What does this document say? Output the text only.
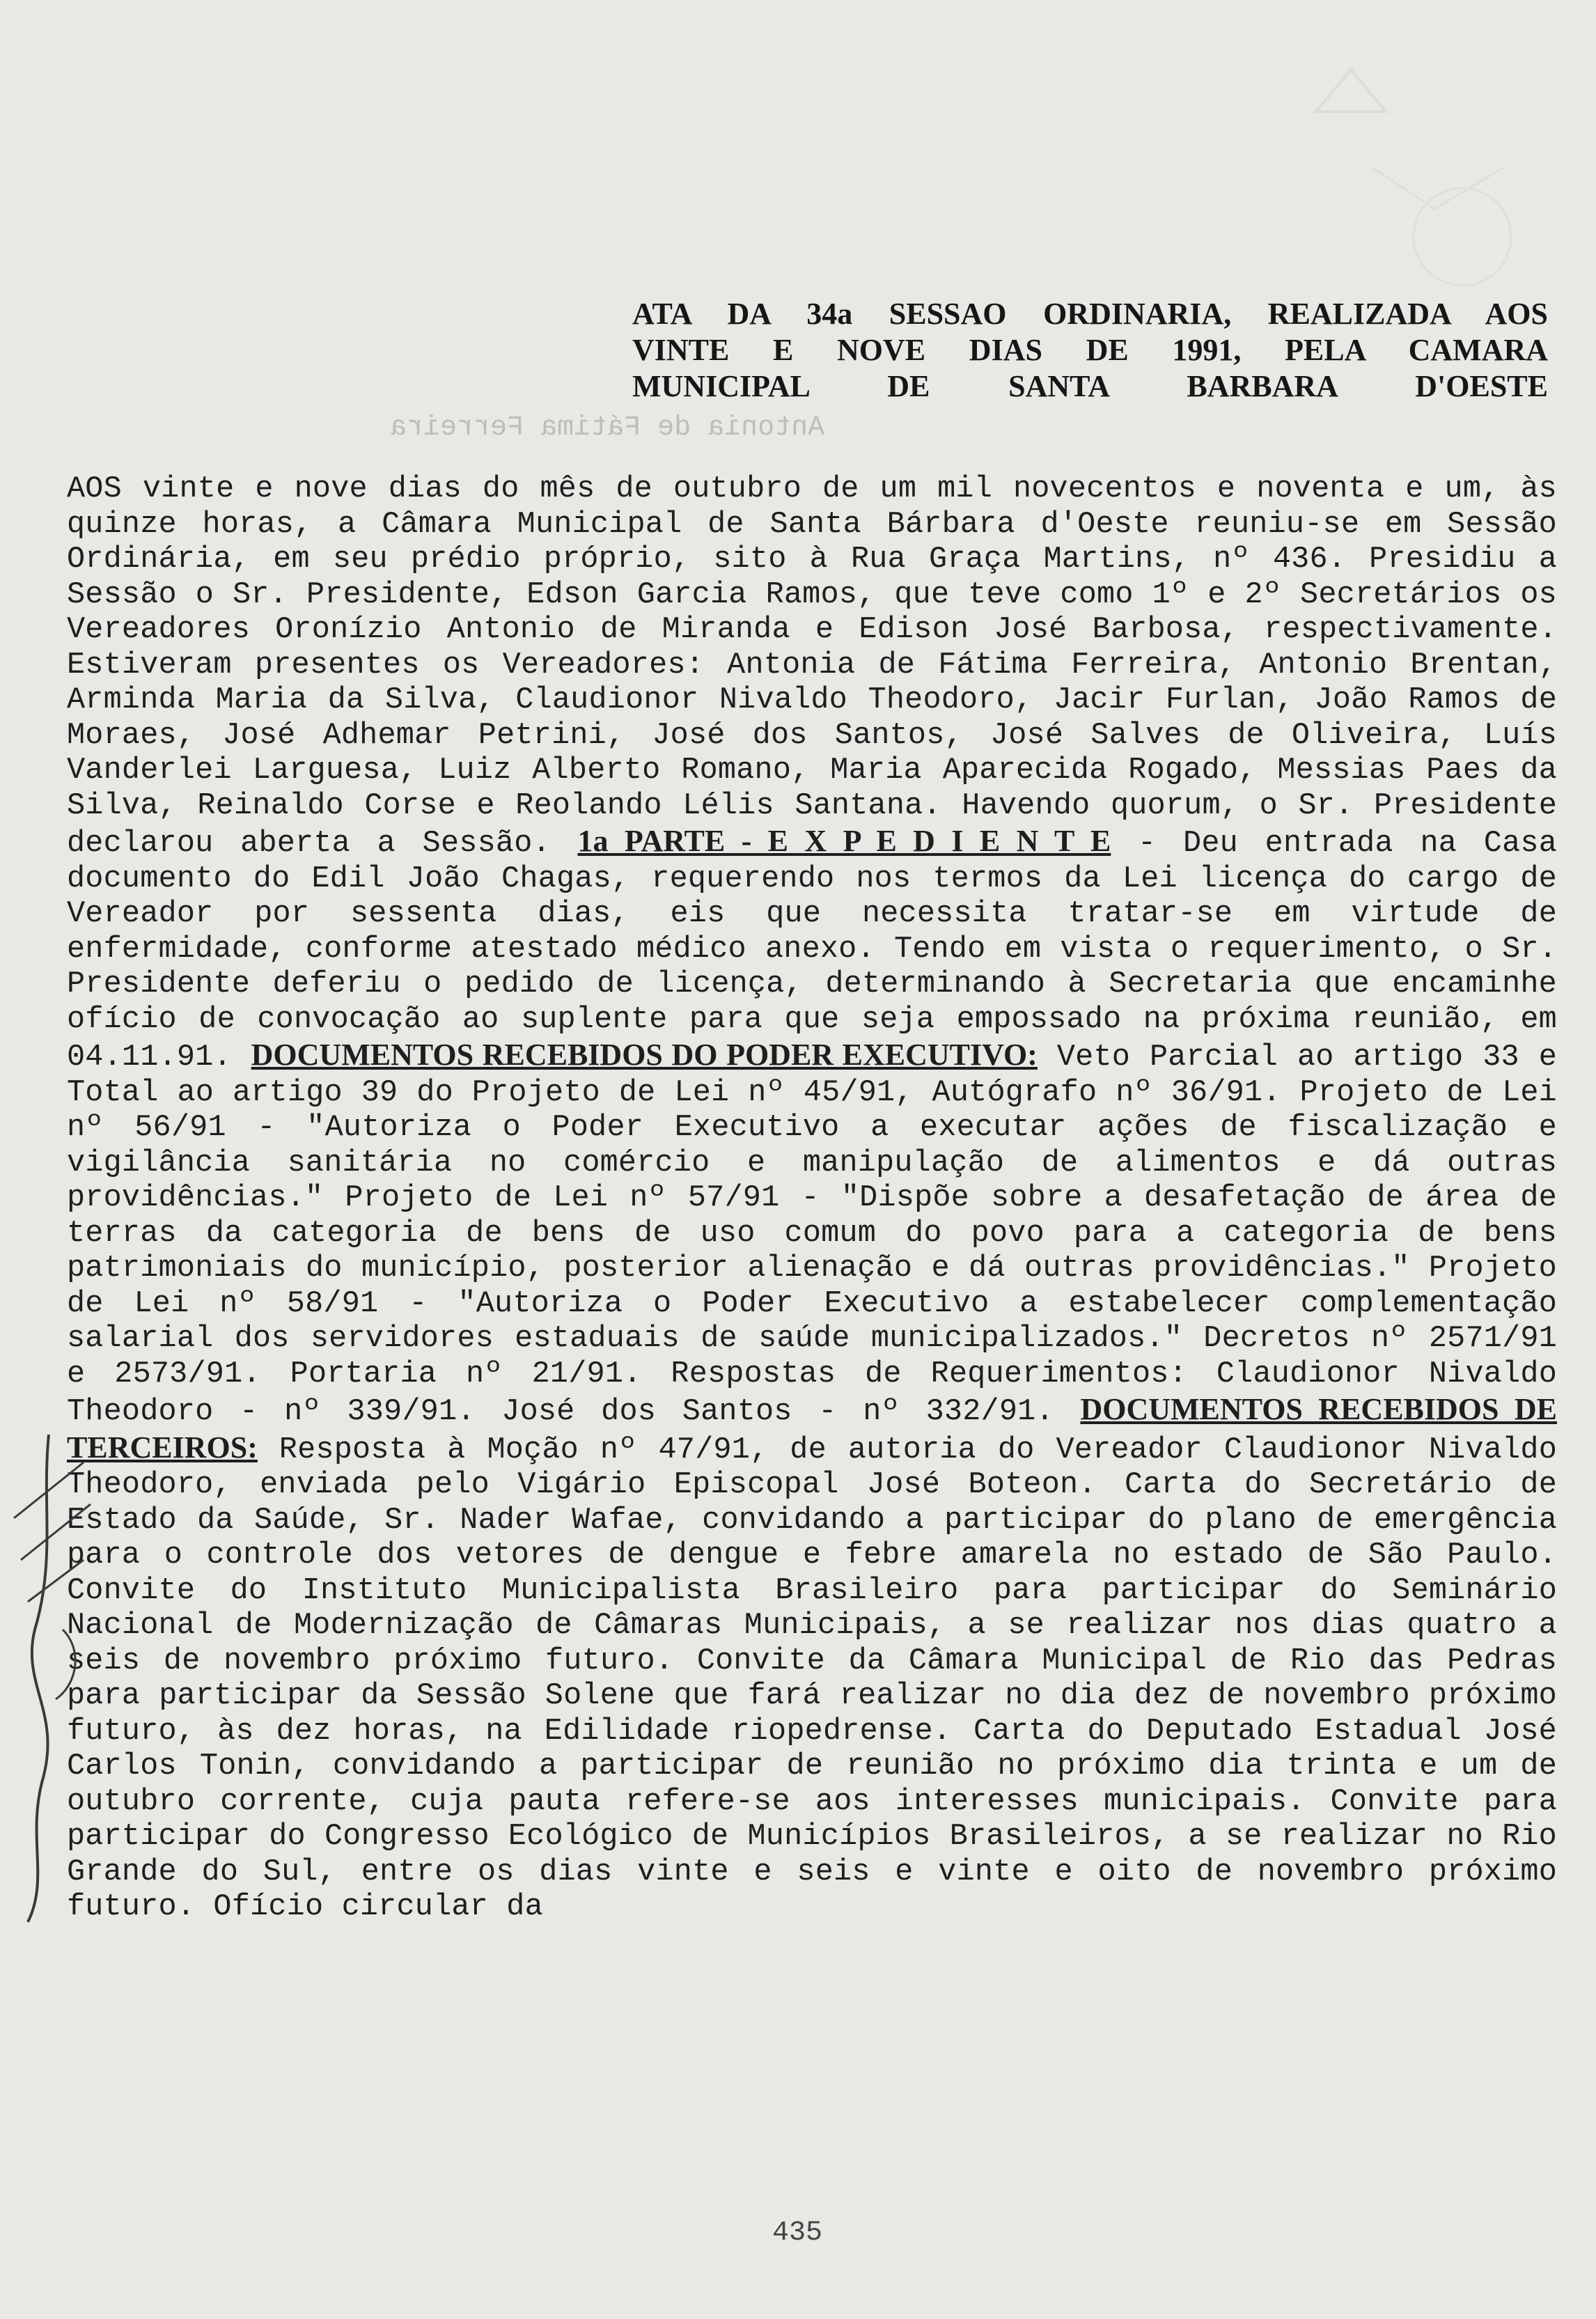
Antonia de Fátima Ferreira
ATA DA 34a SESSAO ORDINARIA, REALIZADA AOS
VINTE E NOVE DIAS DE 1991, PELA CAMARA
MUNICIPAL DE SANTA BARBARA D'OESTE

AOS vinte e nove dias do mês de outubro de um mil novecentos e noventa e um, às quinze horas, a Câmara Municipal de Santa Bárbara d'Oeste reuniu-se em Sessão Ordinária, em seu prédio próprio, sito à Rua Graça Martins, nº 436. Presidiu a Sessão o Sr. Presidente, Edson Garcia Ramos, que teve como 1º e 2º Secretários os Vereadores Oronízio Antonio de Miranda e Edison José Barbosa, respectivamente. Estiveram presentes os Vereadores: Antonia de Fátima Ferreira, Antonio Brentan, Arminda Maria da Silva, Claudionor Nivaldo Theodoro, Jacir Furlan, João Ramos de Moraes, José Adhemar Petrini, José dos Santos, José Salves de Oliveira, Luís Vanderlei Larguesa, Luiz Alberto Romano, Maria Aparecida Rogado, Messias Paes da Silva, Reinaldo Corse e Reolando Lélis Santana. Havendo quorum, o Sr. Presidente declarou aberta a Sessão. 1a PARTE - E X P E D I E N T E - Deu entrada na Casa documento do Edil João Chagas, requerendo nos termos da Lei licença do cargo de Vereador por sessenta dias, eis que necessita tratar-se em virtude de enfermidade, conforme atestado médico anexo. Tendo em vista o requerimento, o Sr. Presidente deferiu o pedido de licença, determinando à Secretaria que encaminhe ofício de convocação ao suplente para que seja empossado na próxima reunião, em 04.11.91. DOCUMENTOS RECEBIDOS DO PODER EXECUTIVO: Veto Parcial ao artigo 33 e Total ao artigo 39 do Projeto de Lei nº 45/91, Autógrafo nº 36/91. Projeto de Lei nº 56/91 - "Autoriza o Poder Executivo a executar ações de fiscalização e vigilância sanitária no comércio e manipulação de alimentos e dá outras providências." Projeto de Lei nº 57/91 - "Dispõe sobre a desafetação de área de terras da categoria de bens de uso comum do povo para a categoria de bens patrimoniais do município, posterior alienação e dá outras providências." Projeto de Lei nº 58/91 - "Autoriza o Poder Executivo a estabelecer complementação salarial dos servidores estaduais de saúde municipalizados." Decretos nº 2571/91 e 2573/91. Portaria nº 21/91. Respostas de Requerimentos: Claudionor Nivaldo Theodoro - nº 339/91. José dos Santos - nº 332/91. DOCUMENTOS RECEBIDOS DE TERCEIROS: Resposta à Moção nº 47/91, de autoria do Vereador Claudionor Nivaldo Theodoro, enviada pelo Vigário Episcopal José Boteon. Carta do Secretário de Estado da Saúde, Sr. Nader Wafae, convidando a participar do plano de emergência para o controle dos vetores de dengue e febre amarela no estado de São Paulo. Convite do Instituto Municipalista Brasileiro para participar do Seminário Nacional de Modernização de Câmaras Municipais, a se realizar nos dias quatro a seis de novembro próximo futuro. Convite da Câmara Municipal de Rio das Pedras para participar da Sessão Solene que fará realizar no dia dez de novembro próximo futuro, às dez horas, na Edilidade riopedrense. Carta do Deputado Estadual José Carlos Tonin, convidando a participar de reunião no próximo dia trinta e um de outubro corrente, cuja pauta refere-se aos interesses municipais. Convite para participar do Congresso Ecológico de Municípios Brasileiros, a se realizar no Rio Grande do Sul, entre os dias vinte e seis e vinte e oito de novembro próximo futuro. Ofício circular da

435
